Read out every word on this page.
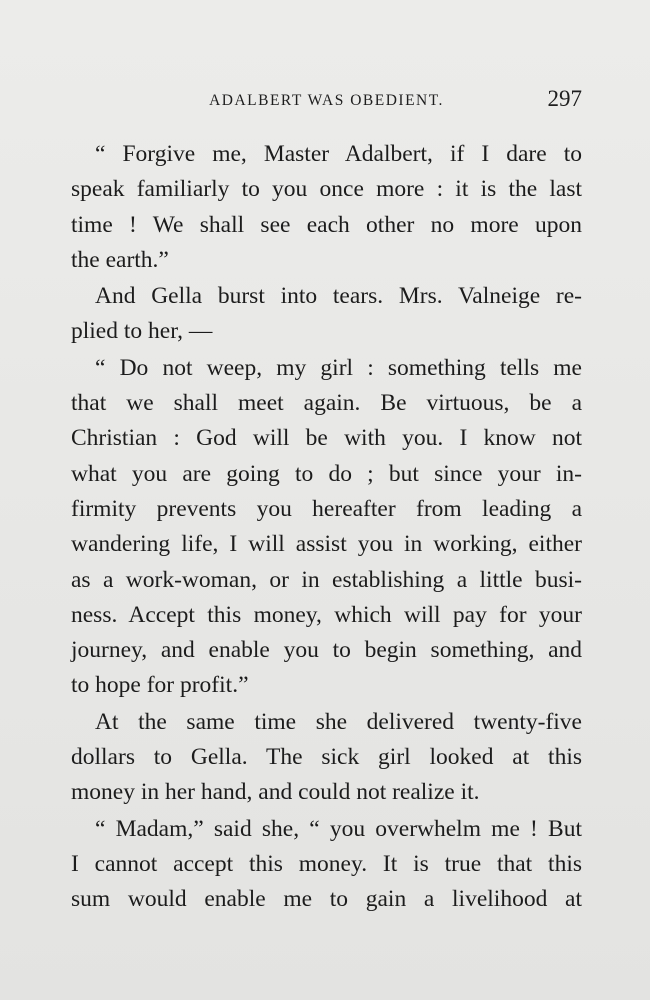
ADALBERT WAS OBEDIENT.	297

“ Forgive me, Master Adalbert, if I dare to
speak familiarly to you once more : it is the last
time ! We shall see each other no more upon
the earth.”

And Gella burst into tears. Mrs. Valneige re-
plied to her, —

“ Do not weep, my girl : something tells me
that we shall meet again. Be virtuous, be a
Christian : God will be with you. I know not
what you are going to do ; but since your in-
firmity prevents you hereafter from leading a
wandering life, I will assist you in working, either
as a work-woman, or in establishing a little busi-
ness. Accept this money, which will pay for your
journey, and enable you to begin something, and
to hope for profit.”

At the same time she delivered twenty-five
dollars to Gella. The sick girl looked at this
money in her hand, and could not realize it.

“ Madam,” said she, “ you overwhelm me ! But
I cannot accept this money. It is true that this
sum would enable me to gain a livelihood at
